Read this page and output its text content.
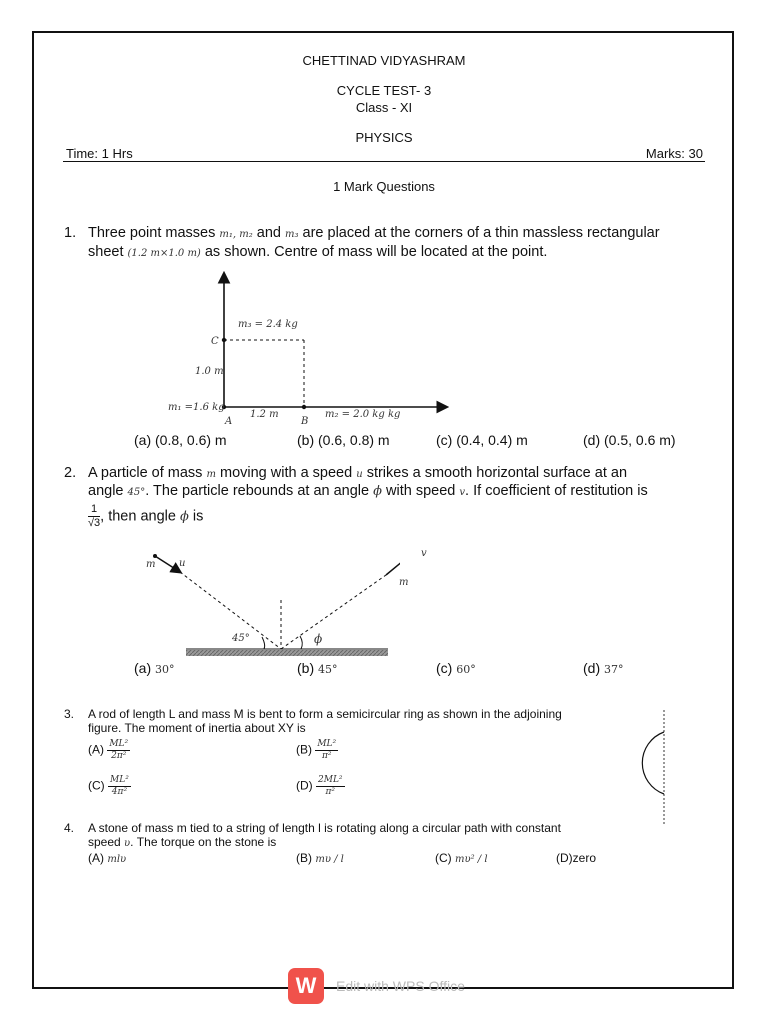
CHETTINAD VIDYASHRAM
CYCLE TEST- 3
Class - XI
PHYSICS
Time: 1 Hrs	Marks: 30
1 Mark Questions
1. Three point masses m₁, m₂ and m₃ are placed at the corners of a thin massless rectangular
sheet (1.2 m×1.0 m) as shown. Centre of mass will be located at the point.
m₃ = 2.4 kg
C
1.0 m
m₁ =1.6 kg
A
1.2 m
B
m₂ = 2.0 kg kg
(a) (0.8, 0.6) m	(b) (0.6, 0.8) m	(c) (0.4, 0.4) m	(d) (0.5, 0.6 m)
2. A particle of mass m moving with a speed u strikes a smooth horizontal surface at an
angle 45°. The particle rebounds at an angle ϕ with speed v. If coefficient of restitution is
$\frac{1}{√3}$ , then angle ϕ is
m u
v
m
45°	ϕ
(a) 30°	(b) 45°	(c) 60°	(d) 37°
3. A rod of length L and mass M is bent to form a semicircular ring as shown in the adjoining
figure. The moment of inertia about XY is
$(A) \frac{\text{ML²}}{\text{2π²}}$	$(B) \frac{\text{ML²}}{\text{π²}}$
$(C) \frac{\text{ML²}}{\text{4π²}}$	$(D) \frac{\text{2ML²}}{\text{π²}}$
4. A stone of mass m tied to a string of length l is rotating along a circular path with constant
speed υ. The torque on the stone is
(A) mlυ	(B) mυ / l	(C) mυ² / l	(D)zero
W	Edit with WPS Office
